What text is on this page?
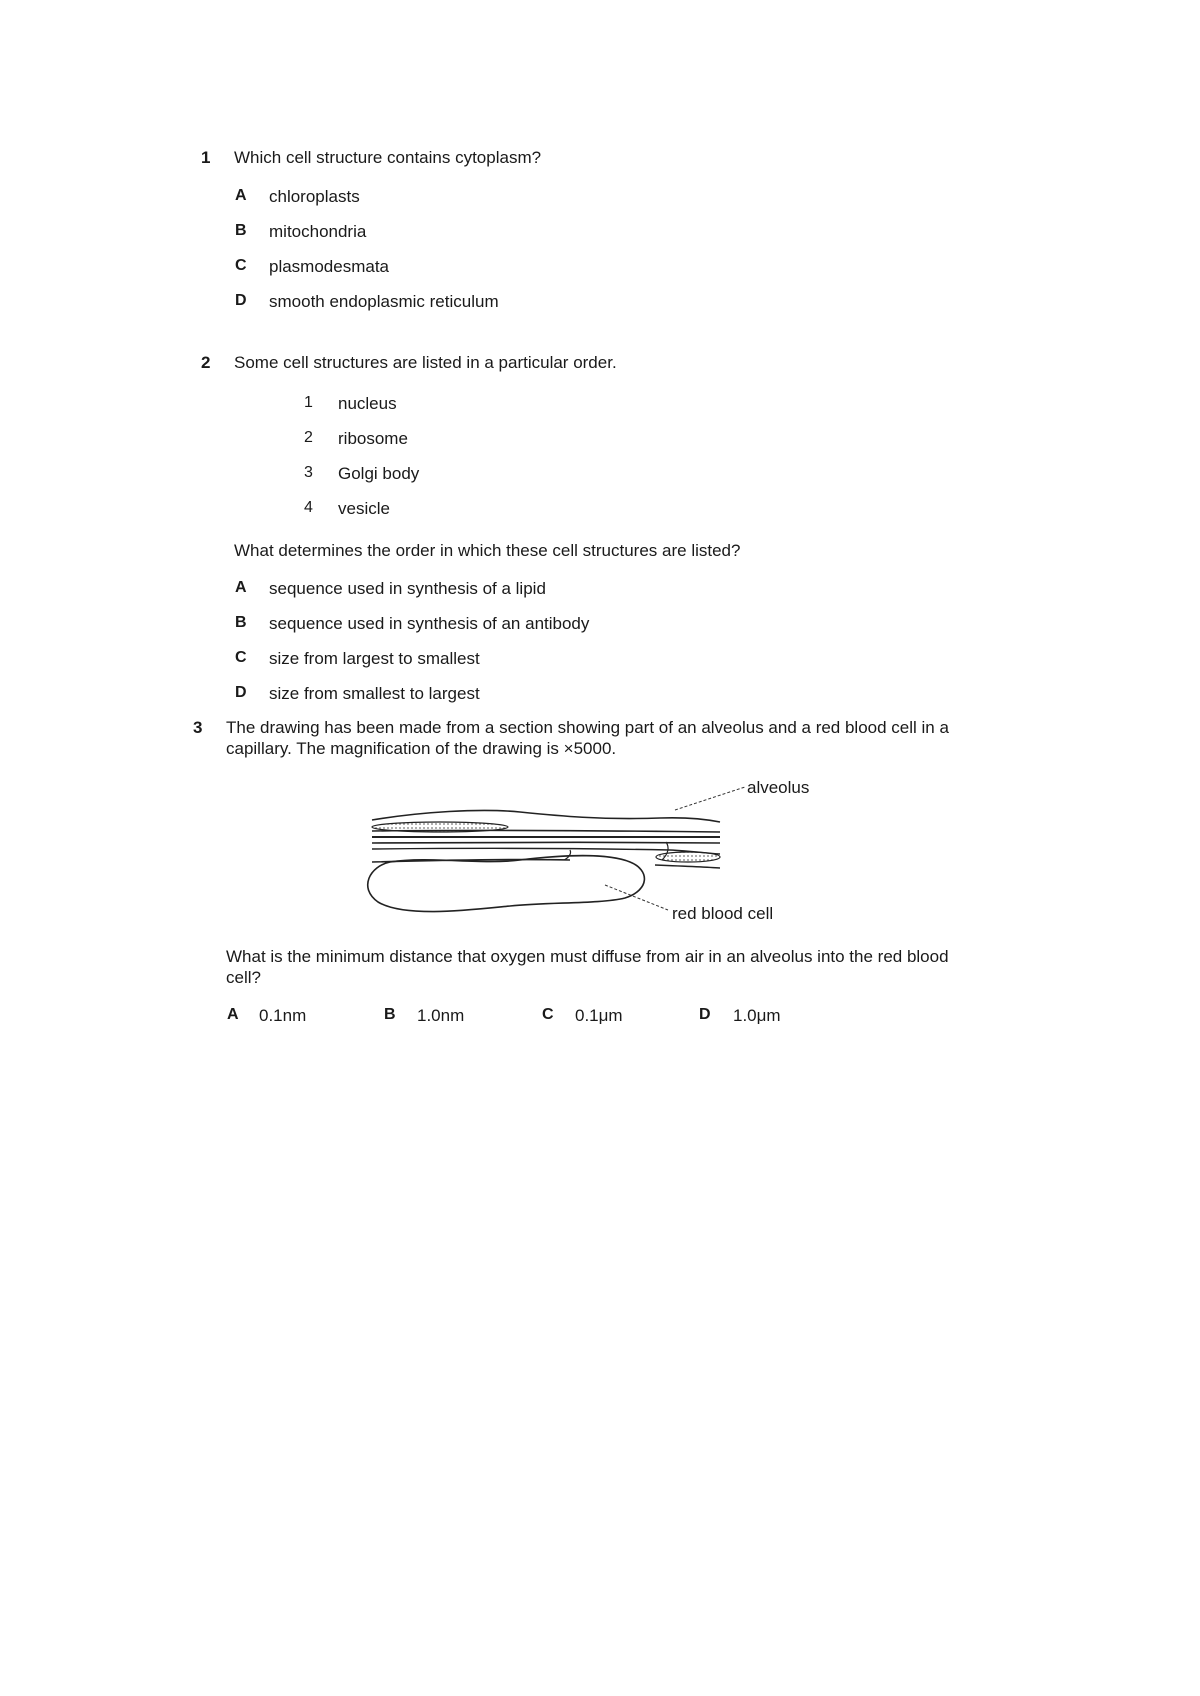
1 Which cell structure contains cytoplasm?
A chloroplasts
B mitochondria
C plasmodesmata
D smooth endoplasmic reticulum
2 Some cell structures are listed in a particular order.
1 nucleus
2 ribosome
3 Golgi body
4 vesicle
What determines the order in which these cell structures are listed?
A sequence used in synthesis of a lipid
B sequence used in synthesis of an antibody
C size from largest to smallest
D size from smallest to largest
3 The drawing has been made from a section showing part of an alveolus and a red blood cell in a
capillary. The magnification of the drawing is ×5000.
alveolus
red blood cell
What is the minimum distance that oxygen must diffuse from air in an alveolus into the red blood
cell?
A 0.1nm	B 1.0nm	C 0.1μm	D 1.0μm
